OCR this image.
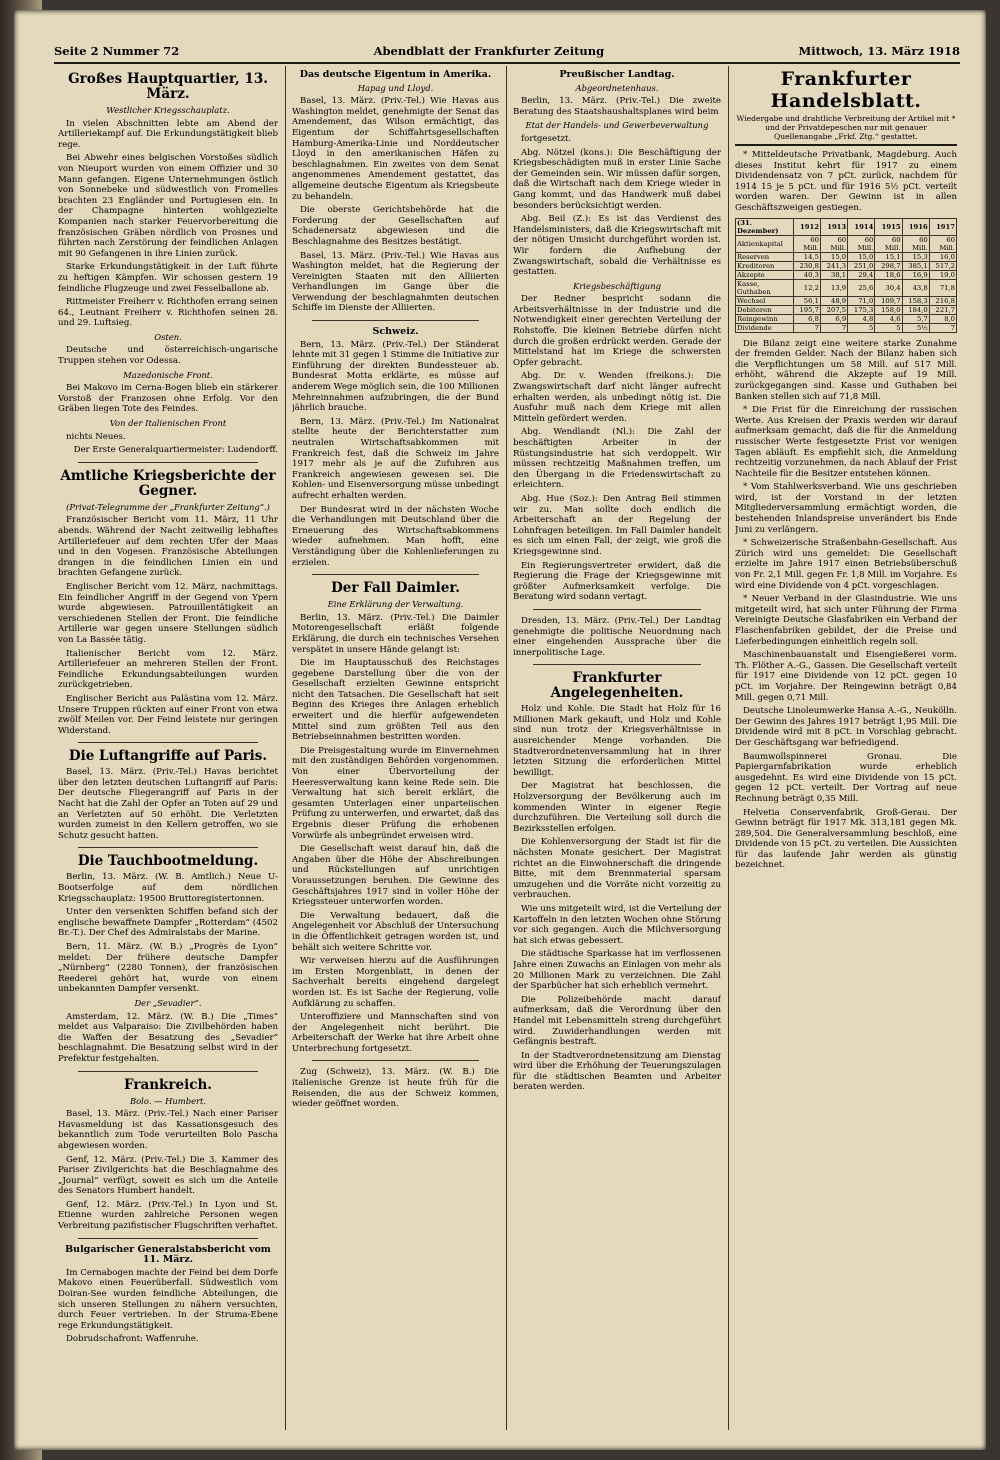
Seite 2 Nummer 72	Abendblatt der Frankfurter Zeitung	Mittwoch, 13. März 1918
Großes Hauptquartier, 13. März.
Westlicher Kriegsschauplatz.

In vielen Abschnitten lebte am Abend der Artilleriekampf auf. Die Erkundungstätigkeit blieb rege.

Bei Abwehr eines belgischen Vorstoßes südlich von Nieuport wurden von einem Offizier und 30 Mann gefangen. Eigene Unternehmungen östlich von Sonnebeke und südwestlich von Fromelles brachten 23 Engländer und Portugiesen ein. In der Champagne hinterten wohlgezielte Kompanien nach starker Feuervorbereitung die französischen Gräben nördlich von Prosnes und führten nach Zerstörung der feindlichen Anlagen mit 90 Gefangenen in ihre Linien zurück.

Starke Erkundungstätigkeit in der Luft führte zu heftigen Kämpfen. Wir schossen gestern 19 feindliche Flugzeuge und zwei Fesselballone ab.

Rittmeister Freiherr v. Richthofen errang seinen 64., Leutnant Freiherr v. Richthofen seinen 28. und 29. Luftsieg.

Osten.

Deutsche und österreichisch-ungarische Truppen stehen vor Odessa.

Mazedonische Front.

Bei Makovo im Cerna-Bogen blieb ein stärkerer Vorstoß der Franzosen ohne Erfolg. Vor den Gräben liegen Tote des Feindes.

Von der Italienischen Front

nichts Neues.

Der Erste Generalquartiermeister: Ludendorff.

Amtliche Kriegsberichte der Gegner.
(Privat-Telegramme der „Frankfurter Zeitung“.)

Französischer Bericht vom 11. März, 11 Uhr abends. Während der Nacht zeitweilig lebhaftes Artilleriefeuer auf dem rechten Ufer der Maas und in den Vogesen. Französische Abteilungen drangen in die feindlichen Linien ein und brachten Gefangene zurück.

Englischer Bericht vom 12. März, nachmittags. Ein feindlicher Angriff in der Gegend von Ypern wurde abgewiesen. Patrouillentätigkeit an verschiedenen Stellen der Front. Die feindliche Artillerie war gegen unsere Stellungen südlich von La Bassée tätig.

Italienischer Bericht vom 12. März. Artilleriefeuer an mehreren Stellen der Front. Feindliche Erkundungsabteilungen wurden zurückgetrieben.

Englischer Bericht aus Palästina vom 12. März. Unsere Truppen rückten auf einer Front von etwa zwölf Meilen vor. Der Feind leistete nur geringen Widerstand.

Die Luftangriffe auf Paris.

Basel, 13. März. (Priv.-Tel.) Havas berichtet über den letzten deutschen Luftangriff auf Paris: Der deutsche Fliegerangriff auf Paris in der Nacht hat die Zahl der Opfer an Toten auf 29 und an Verletzten auf 50 erhöht. Die Verletzten wurden zumeist in den Kellern getroffen, wo sie Schutz gesucht hatten.

Die Tauchbootmeldung.

Berlin, 13. März. (W. B. Amtlich.) Neue U-Bootserfolge auf dem nördlichen Kriegsschauplatz: 19500 Bruttoregistertonnen.

Unter den versenkten Schiffen befand sich der englische bewaffnete Dampfer „Rotterdam“ (4502 Br.-T.). Der Chef des Admiralstabs der Marine.

Bern, 11. März. (W. B.) „Progrès de Lyon“ meldet: Der frühere deutsche Dampfer „Nürnberg“ (2280 Tonnen), der französischen Reederei gehört hat, wurde von einem unbekannten Dampfer versenkt.

Der „Sevadier“.

Amsterdam, 12. März. (W. B.) Die „Times“ meldet aus Valparaiso: Die Zivilbehörden haben die Waffen der Besatzung des „Sevadier“ beschlagnahmt. Die Besatzung selbst wird in der Prefektur festgehalten.

Frankreich.
Bolo. — Humbert.

Basel, 13. März. (Priv.-Tel.) Nach einer Pariser Havasmeldung ist das Kassationsgesuch des bekanntlich zum Tode verurteilten Bolo Pascha abgewiesen worden.

Genf, 12. März. (Priv.-Tel.) Die 3. Kammer des Pariser Zivilgerichts hat die Beschlagnahme des „Journal“ verfügt, soweit es sich um die Anteile des Senators Humbert handelt.

Genf, 12. März. (Priv.-Tel.) In Lyon und St. Etienne wurden zahlreiche Personen wegen Verbreitung pazifistischer Flugschriften verhaftet.

Bulgarischer Generalstabsbericht vom 11. März.

Im Cernabogen machte der Feind bei dem Dorfe Makovo einen Feuerüberfall. Südwestlich vom Doiran-See wurden feindliche Abteilungen, die sich unseren Stellungen zu nähern versuchten, durch Feuer vertrieben. In der Struma-Ebene rege Erkundungstätigkeit.

Dobrudschafront: Waffenruhe.

Das deutsche Eigentum in Amerika.
Hapag und Lloyd.

Basel, 13. März. (Priv.-Tel.) Wie Havas aus Washington meldet, genehmigte der Senat das Amendement, das Wilson ermächtigt, das Eigentum der Schiffahrtsgesellschaften Hamburg-Amerika-Linie und Norddeutscher Lloyd in den amerikanischen Häfen zu beschlagnahmen. Ein zweites von dem Senat angenommenes Amendement gestattet, das allgemeine deutsche Eigentum als Kriegsbeute zu behandeln.

Die oberste Gerichtsbehörde hat die Forderung der Gesellschaften auf Schadenersatz abgewiesen und die Beschlagnahme des Besitzes bestätigt.

Basel, 13. März. (Priv.-Tel.) Wie Havas aus Washington meldet, hat die Regierung der Vereinigten Staaten mit den Alliierten Verhandlungen im Gange über die Verwendung der beschlagnahmten deutschen Schiffe im Dienste der Alliierten.

Schweiz.

Bern, 13. März. (Priv.-Tel.) Der Ständerat lehnte mit 31 gegen 1 Stimme die Initiative zur Einführung der direkten Bundessteuer ab. Bundesrat Motta erklärte, es müsse auf anderem Wege möglich sein, die 100 Millionen Mehreinnahmen aufzubringen, die der Bund jährlich brauche.

Bern, 13. März. (Priv.-Tel.) Im Nationalrat stellte heute der Berichterstatter zum neutralen Wirtschaftsabkommen mit Frankreich fest, daß die Schweiz im Jahre 1917 mehr als je auf die Zufuhren aus Frankreich angewiesen gewesen sei. Die Kohlen- und Eisenversorgung müsse unbedingt aufrecht erhalten werden.

Der Bundesrat wird in der nächsten Woche die Verhandlungen mit Deutschland über die Erneuerung des Wirtschaftsabkommens wieder aufnehmen. Man hofft, eine Verständigung über die Kohlenlieferungen zu erzielen.

Der Fall Daimler.
Eine Erklärung der Verwaltung.

Berlin, 13. März. (Priv.-Tel.) Die Daimler Motorengesellschaft erläßt folgende Erklärung, die durch ein technisches Versehen verspätet in unsere Hände gelangt ist:

Die im Hauptausschuß des Reichstages gegebene Darstellung über die von der Gesellschaft erzielten Gewinne entspricht nicht den Tatsachen. Die Gesellschaft hat seit Beginn des Krieges ihre Anlagen erheblich erweitert und die hierfür aufgewendeten Mittel sind zum größten Teil aus den Betriebseinnahmen bestritten worden.

Die Preisgestaltung wurde im Einvernehmen mit den zuständigen Behörden vorgenommen. Von einer Übervorteilung der Heeresverwaltung kann keine Rede sein. Die Verwaltung hat sich bereit erklärt, die gesamten Unterlagen einer unparteiischen Prüfung zu unterwerfen, und erwartet, daß das Ergebnis dieser Prüfung die erhobenen Vorwürfe als unbegründet erweisen wird.

Die Gesellschaft weist darauf hin, daß die Angaben über die Höhe der Abschreibungen und Rückstellungen auf unrichtigen Voraussetzungen beruhen. Die Gewinne des Geschäftsjahres 1917 sind in voller Höhe der Kriegssteuer unterworfen worden.

Die Verwaltung bedauert, daß die Angelegenheit vor Abschluß der Untersuchung in die Öffentlichkeit getragen worden ist, und behält sich weitere Schritte vor.

Wir verweisen hierzu auf die Ausführungen im Ersten Morgenblatt, in denen der Sachverhalt bereits eingehend dargelegt worden ist. Es ist Sache der Regierung, volle Aufklärung zu schaffen.

Unteroffiziere und Mannschaften sind von der Angelegenheit nicht berührt. Die Arbeiterschaft der Werke hat ihre Arbeit ohne Unterbrechung fortgesetzt.

Zug (Schweiz), 13. März. (W. B.) Die italienische Grenze ist heute früh für die Reisenden, die aus der Schweiz kommen, wieder geöffnet worden.

Preußischer Landtag.
Abgeordnetenhaus.

Berlin, 13. März. (Priv.-Tel.) Die zweite Beratung des Staatshaushaltsplanes wird beim

Etat der Handels- und Gewerbeverwaltung

fortgesetzt.

Abg. Nötzel (kons.): Die Beschäftigung der Kriegsbeschädigten muß in erster Linie Sache der Gemeinden sein. Wir müssen dafür sorgen, daß die Wirtschaft nach dem Kriege wieder in Gang kommt, und das Handwerk muß dabei besonders berücksichtigt werden.

Abg. Beil (Z.): Es ist das Verdienst des Handelsministers, daß die Kriegswirtschaft mit der nötigen Umsicht durchgeführt worden ist. Wir fordern die Aufhebung der Zwangswirtschaft, sobald die Verhältnisse es gestatten.

Kriegsbeschäftigung

Der Redner bespricht sodann die Arbeitsverhältnisse in der Industrie und die Notwendigkeit einer gerechten Verteilung der Rohstoffe. Die kleinen Betriebe dürfen nicht durch die großen erdrückt werden. Gerade der Mittelstand hat im Kriege die schwersten Opfer gebracht.

Abg. Dr. v. Wenden (freikons.): Die Zwangswirtschaft darf nicht länger aufrecht erhalten werden, als unbedingt nötig ist. Die Ausfuhr muß nach dem Kriege mit allen Mitteln gefördert werden.

Abg. Wendlandt (Nl.): Die Zahl der beschäftigten Arbeiter in der Rüstungsindustrie hat sich verdoppelt. Wir müssen rechtzeitig Maßnahmen treffen, um den Übergang in die Friedenswirtschaft zu erleichtern.

Abg. Hue (Soz.): Den Antrag Beil stimmen wir zu. Man sollte doch endlich die Arbeiterschaft an der Regelung der Lohnfragen beteiligen. Im Fall Daimler handelt es sich um einen Fall, der zeigt, wie groß die Kriegsgewinne sind.

Ein Regierungsvertreter erwidert, daß die Regierung die Frage der Kriegsgewinne mit größter Aufmerksamkeit verfolge. Die Beratung wird sodann vertagt.

Dresden, 13. März. (Priv.-Tel.) Der Landtag genehmigte die politische Neuordnung nach einer eingehenden Aussprache über die innerpolitische Lage.

Frankfurter Angelegenheiten.

Holz und Kohle. Die Stadt hat Holz für 16 Millionen Mark gekauft, und Holz und Kohle sind nun trotz der Kriegsverhältnisse in ausreichender Menge vorhanden. Die Stadtverordnetenversammlung hat in ihrer letzten Sitzung die erforderlichen Mittel bewilligt.

Der Magistrat hat beschlossen, die Holzversorgung der Bevölkerung auch im kommenden Winter in eigener Regie durchzuführen. Die Verteilung soll durch die Bezirksstellen erfolgen.

Die Kohlenversorgung der Stadt ist für die nächsten Monate gesichert. Der Magistrat richtet an die Einwohnerschaft die dringende Bitte, mit dem Brennmaterial sparsam umzugehen und die Vorräte nicht vorzeitig zu verbrauchen.

Wie uns mitgeteilt wird, ist die Verteilung der Kartoffeln in den letzten Wochen ohne Störung vor sich gegangen. Auch die Milchversorgung hat sich etwas gebessert.

Die städtische Sparkasse hat im verflossenen Jahre einen Zuwachs an Einlagen von mehr als 20 Millionen Mark zu verzeichnen. Die Zahl der Sparbücher hat sich erheblich vermehrt.

Die Polizeibehörde macht darauf aufmerksam, daß die Verordnung über den Handel mit Lebensmitteln streng durchgeführt wird. Zuwiderhandlungen werden mit Gefängnis bestraft.

In der Stadtverordnetensitzung am Dienstag wird über die Erhöhung der Teuerungszulagen für die städtischen Beamten und Arbeiter beraten werden.

Frankfurter Handelsblatt.
Wiedergabe und drahtliche Verbreitung der Artikel mit * und der Privatdepeschen nur mit genauer Quellenangabe „Frkf. Ztg.“ gestattet.

* Mitteldeutsche Privatbank, Magdeburg. Auch dieses Institut kehrt für 1917 zu einem Dividendensatz von 7 pCt. zurück, nachdem für 1914 15 je 5 pCt. und für 1916 5½ pCt. verteilt worden waren. Der Gewinn ist in allen Geschäftszweigen gestiegen.

(31. Dezember)	1912	1913	1914	1915	1916	1917
Aktienkapital	60 Mill.	60 Mill.	60 Mill.	60 Mill.	60 Mill.	60 Mill.
Reserven	14,5	15,0	15,0	15,1	15,3	16,0
Kreditoren	230,8	241,3	251,0	298,7	385,1	517,2
Akzepte	40,3	38,1	29,4	18,6	16,9	19,0
Kasse, Guthaben	12,2	13,9	25,6	30,4	43,8	71,8
Wechsel	56,1	48,9	71,0	109,7	158,3	216,8
Debitoren	195,7	207,5	175,3	158,0	184,0	221,7
Reingewinn	6,8	6,9	4,8	4,6	5,7	8,0
Dividende	7	7	5	5	5½	7

Die Bilanz zeigt eine weitere starke Zunahme der fremden Gelder. Nach der Bilanz haben sich die Verpflichtungen um 58 Mill. auf 517 Mill. erhöht, während die Akzepte auf 19 Mill. zurückgegangen sind. Kasse und Guthaben bei Banken stellen sich auf 71,8 Mill.

* Die Frist für die Einreichung der russischen Werte. Aus Kreisen der Praxis werden wir darauf aufmerksam gemacht, daß die für die Anmeldung russischer Werte festgesetzte Frist vor wenigen Tagen abläuft. Es empfiehlt sich, die Anmeldung rechtzeitig vorzunehmen, da nach Ablauf der Frist Nachteile für die Besitzer entstehen können.

* Vom Stahlwerksverband. Wie uns geschrieben wird, ist der Vorstand in der letzten Mitgliederversammlung ermächtigt worden, die bestehenden Inlandspreise unverändert bis Ende Juni zu verlängern.

* Schweizerische Straßenbahn-Gesellschaft. Aus Zürich wird uns gemeldet: Die Gesellschaft erzielte im Jahre 1917 einen Betriebsüberschuß von Fr. 2,1 Mill. gegen Fr. 1,8 Mill. im Vorjahre. Es wird eine Dividende von 4 pCt. vorgeschlagen.

* Neuer Verband in der Glasindustrie. Wie uns mitgeteilt wird, hat sich unter Führung der Firma Vereinigte Deutsche Glasfabriken ein Verband der Flaschenfabriken gebildet, der die Preise und Lieferbedingungen einheitlich regeln soll.

Maschinenbauanstalt und Eisengießerei vorm. Th. Flöther A.-G., Gassen. Die Gesellschaft verteilt für 1917 eine Dividende von 12 pCt. gegen 10 pCt. im Vorjahre. Der Reingewinn beträgt 0,84 Mill. gegen 0,71 Mill.

Deutsche Linoleumwerke Hansa A.-G., Neukölln. Der Gewinn des Jahres 1917 beträgt 1,95 Mill. Die Dividende wird mit 8 pCt. in Vorschlag gebracht. Der Geschäftsgang war befriedigend.

Baumwollspinnerei Gronau. Die Papiergarnfabrikation wurde erheblich ausgedehnt. Es wird eine Dividende von 15 pCt. gegen 12 pCt. verteilt. Der Vortrag auf neue Rechnung beträgt 0,35 Mill.

Helvetia Conservenfabrik, Groß-Gerau. Der Gewinn beträgt für 1917 Mk. 313,181 gegen Mk. 289,504. Die Generalversammlung beschloß, eine Dividende von 15 pCt. zu verteilen. Die Aussichten für das laufende Jahr werden als günstig bezeichnet.
